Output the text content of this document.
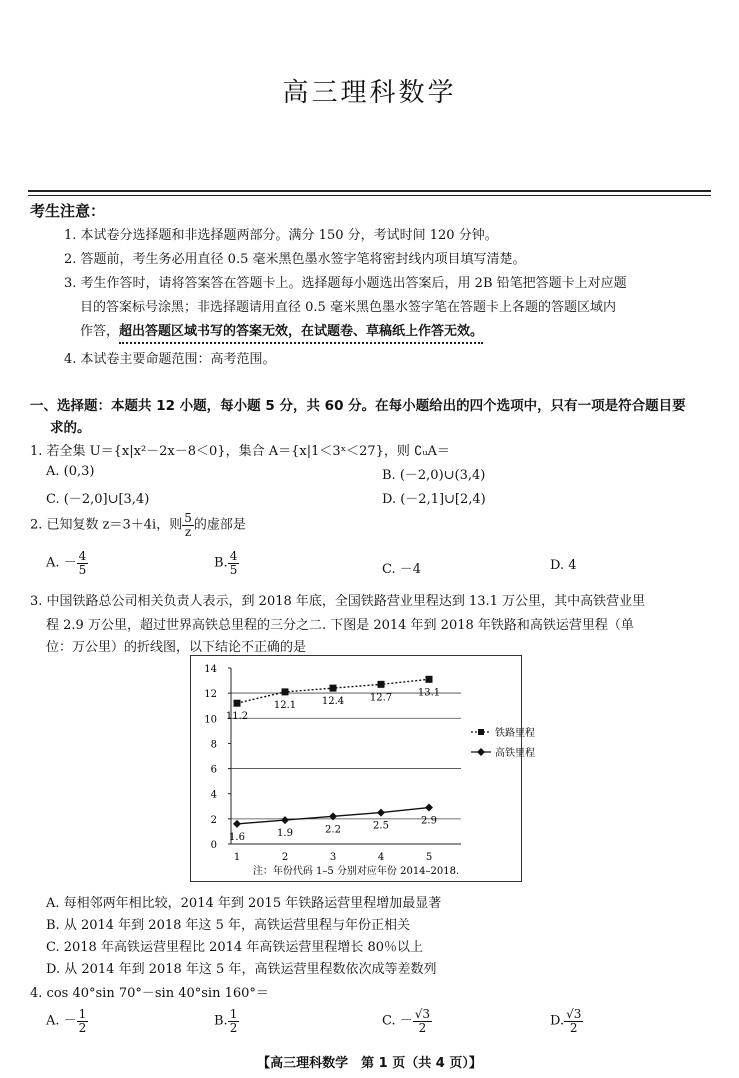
高三理科数学
考生注意：
1. 本试卷分选择题和非选择题两部分。满分 150 分，考试时间 120 分钟。
2. 答题前，考生务必用直径 0.5 毫米黑色墨水签字笔将密封线内项目填写清楚。
3. 考生作答时，请将答案答在答题卡上。选择题每小题选出答案后，用 2B 铅笔把答题卡上对应题
目的答案标号涂黑；非选择题请用直径 0.5 毫米黑色墨水签字笔在答题卡上各题的答题区域内
作答，超出答题区域书写的答案无效，在试题卷、草稿纸上作答无效。
4. 本试卷主要命题范围：高考范围。
一、选择题：本题共 12 小题，每小题 5 分，共 60 分。在每小题给出的四个选项中，只有一项是符合题目要
求的。
1. 若全集 U＝{x|x²－2x－8＜0}，集合 A＝{x|1＜3ˣ＜27}，则 ∁ᵤA＝
A. (0,3)	B. (－2,0)∪(3,4)
C. (－2,0]∪[3,4)	D. (－2,1]∪[2,4)
2. 已知复数 z＝3＋4i，则 $\frac{5}{z}$ 的虚部是
A. － $\frac{4}{5}$	B. $\frac{4}{5}$	C. －4	D. 4
3. 中国铁路总公司相关负责人表示，到 2018 年底，全国铁路营业里程达到 13.1 万公里，其中高铁营业里
程 2.9 万公里，超过世界高铁总里程的三分之二. 下图是 2014 年到 2018 年铁路和高铁运营里程（单
位：万公里）的折线图，以下结论不正确的是
0
2
4
6
8
10
12
14
1	2	3	4	5
11.2
12.1	12.4	12.7	13.1
铁路里程
1.6	1.9	2.2	2.5	2.9
高铁里程
注：年份代码 1–5 分别对应年份 2014–2018.
A. 每相邻两年相比较，2014 年到 2015 年铁路运营里程增加最显著
B. 从 2014 年到 2018 年这 5 年，高铁运营里程与年份正相关
C. 2018 年高铁运营里程比 2014 年高铁运营里程增长 80％以上
D. 从 2014 年到 2018 年这 5 年，高铁运营里程数依次成等差数列
4. cos 40°sin 70°－sin 40°sin 160°＝
A. － $\frac{1}{2}$	B. $\frac{1}{2}$	C. － $\frac{√3}{2}$	D. $\frac{√3}{2}$
【高三理科数学　第 1 页（共 4 页）】
